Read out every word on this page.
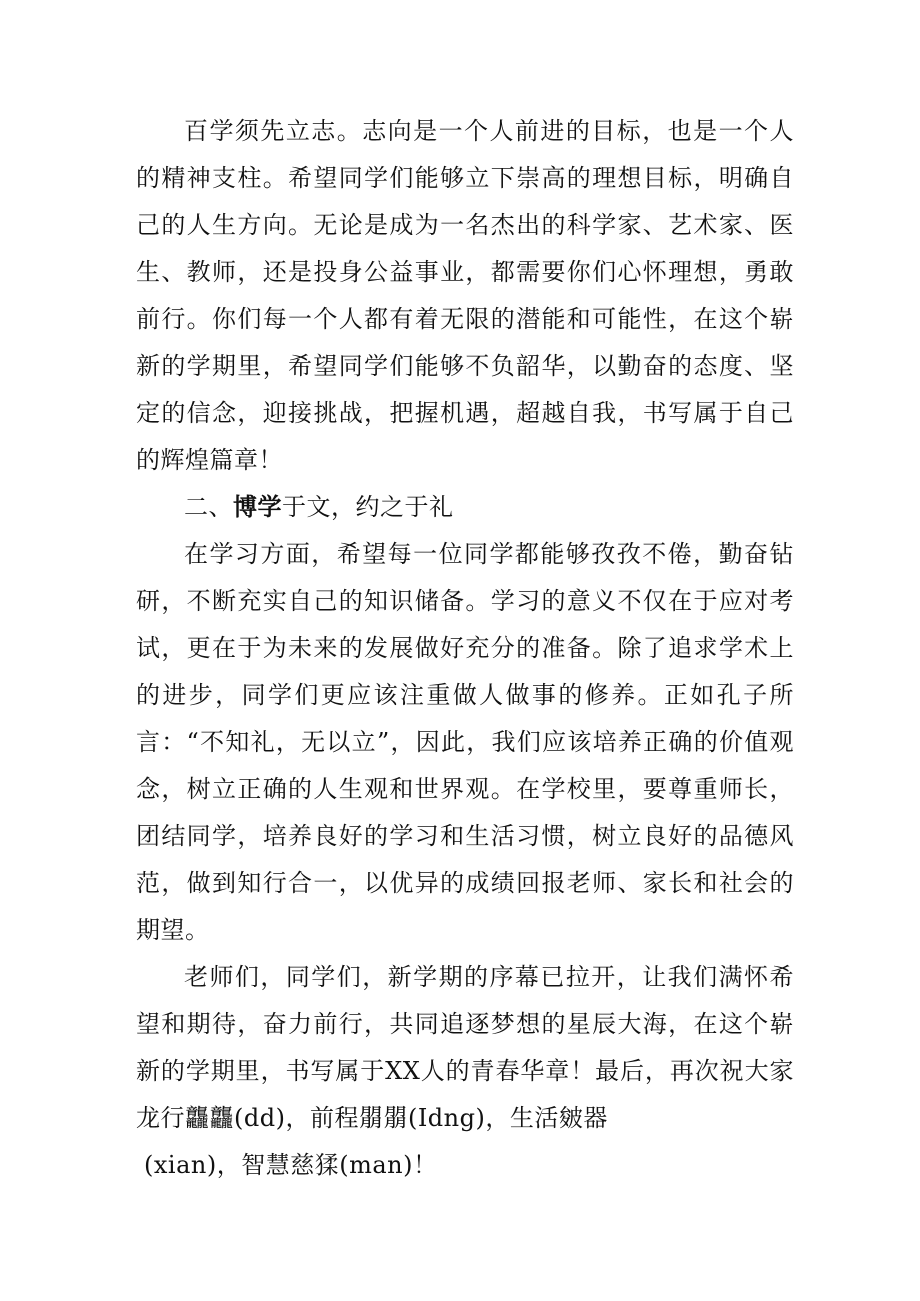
百学须先立志。志向是一个人前进的目标，也是一个人的精神支柱。希望同学们能够立下崇高的理想目标，明确自己的人生方向。无论是成为一名杰出的科学家、艺术家、医生、教师，还是投身公益事业，都需要你们心怀理想，勇敢前行。你们每一个人都有着无限的潜能和可能性，在这个崭新的学期里，希望同学们能够不负韶华，以勤奋的态度、坚定的信念，迎接挑战，把握机遇，超越自我，书写属于自己的辉煌篇章！

二、博学于文，约之于礼

在学习方面，希望每一位同学都能够孜孜不倦，勤奋钻研，不断充实自己的知识储备。学习的意义不仅在于应对考试，更在于为未来的发展做好充分的准备。除了追求学术上的进步，同学们更应该注重做人做事的修养。正如孔子所言：“不知礼，无以立”，因此，我们应该培养正确的价值观念，树立正确的人生观和世界观。在学校里，要尊重师长，团结同学，培养良好的学习和生活习惯，树立良好的品德风范，做到知行合一，以优异的成绩回报老师、家长和社会的期望。

老师们，同学们，新学期的序幕已拉开，让我们满怀希望和期待，奋力前行，共同追逐梦想的星辰大海，在这个崭新的学期里，书写属于XX人的青春华章！最后，再次祝大家龙行龘龘(dd)，前程朤朤(Idng)，生活皴器

(xian)，智慧慈猱(man)！
